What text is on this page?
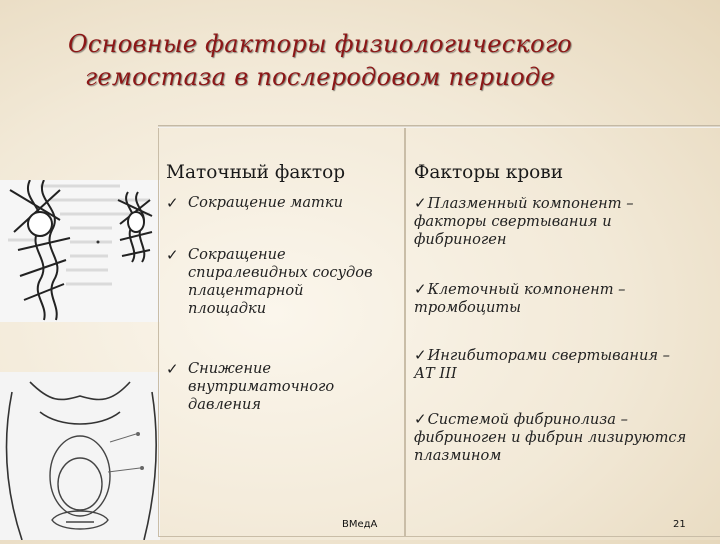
Основные факторы физиологического
гемостаза в послеродовом периоде
Маточный фактор	Факторы крови
✓ Сокращение матки
✓ Сокращение
спиралевидных сосудов
плацентарной
площадки
✓ Снижение
внутриматочного
давления
✓Плазменный компонент –
факторы свертывания и
фибриноген
✓Клеточный компонент –
тромбоциты
✓Ингибиторами свертывания –
АТ III
✓Системой фибринолиза –
фибриноген и фибрин лизируются
плазмином
ВМедА	21
